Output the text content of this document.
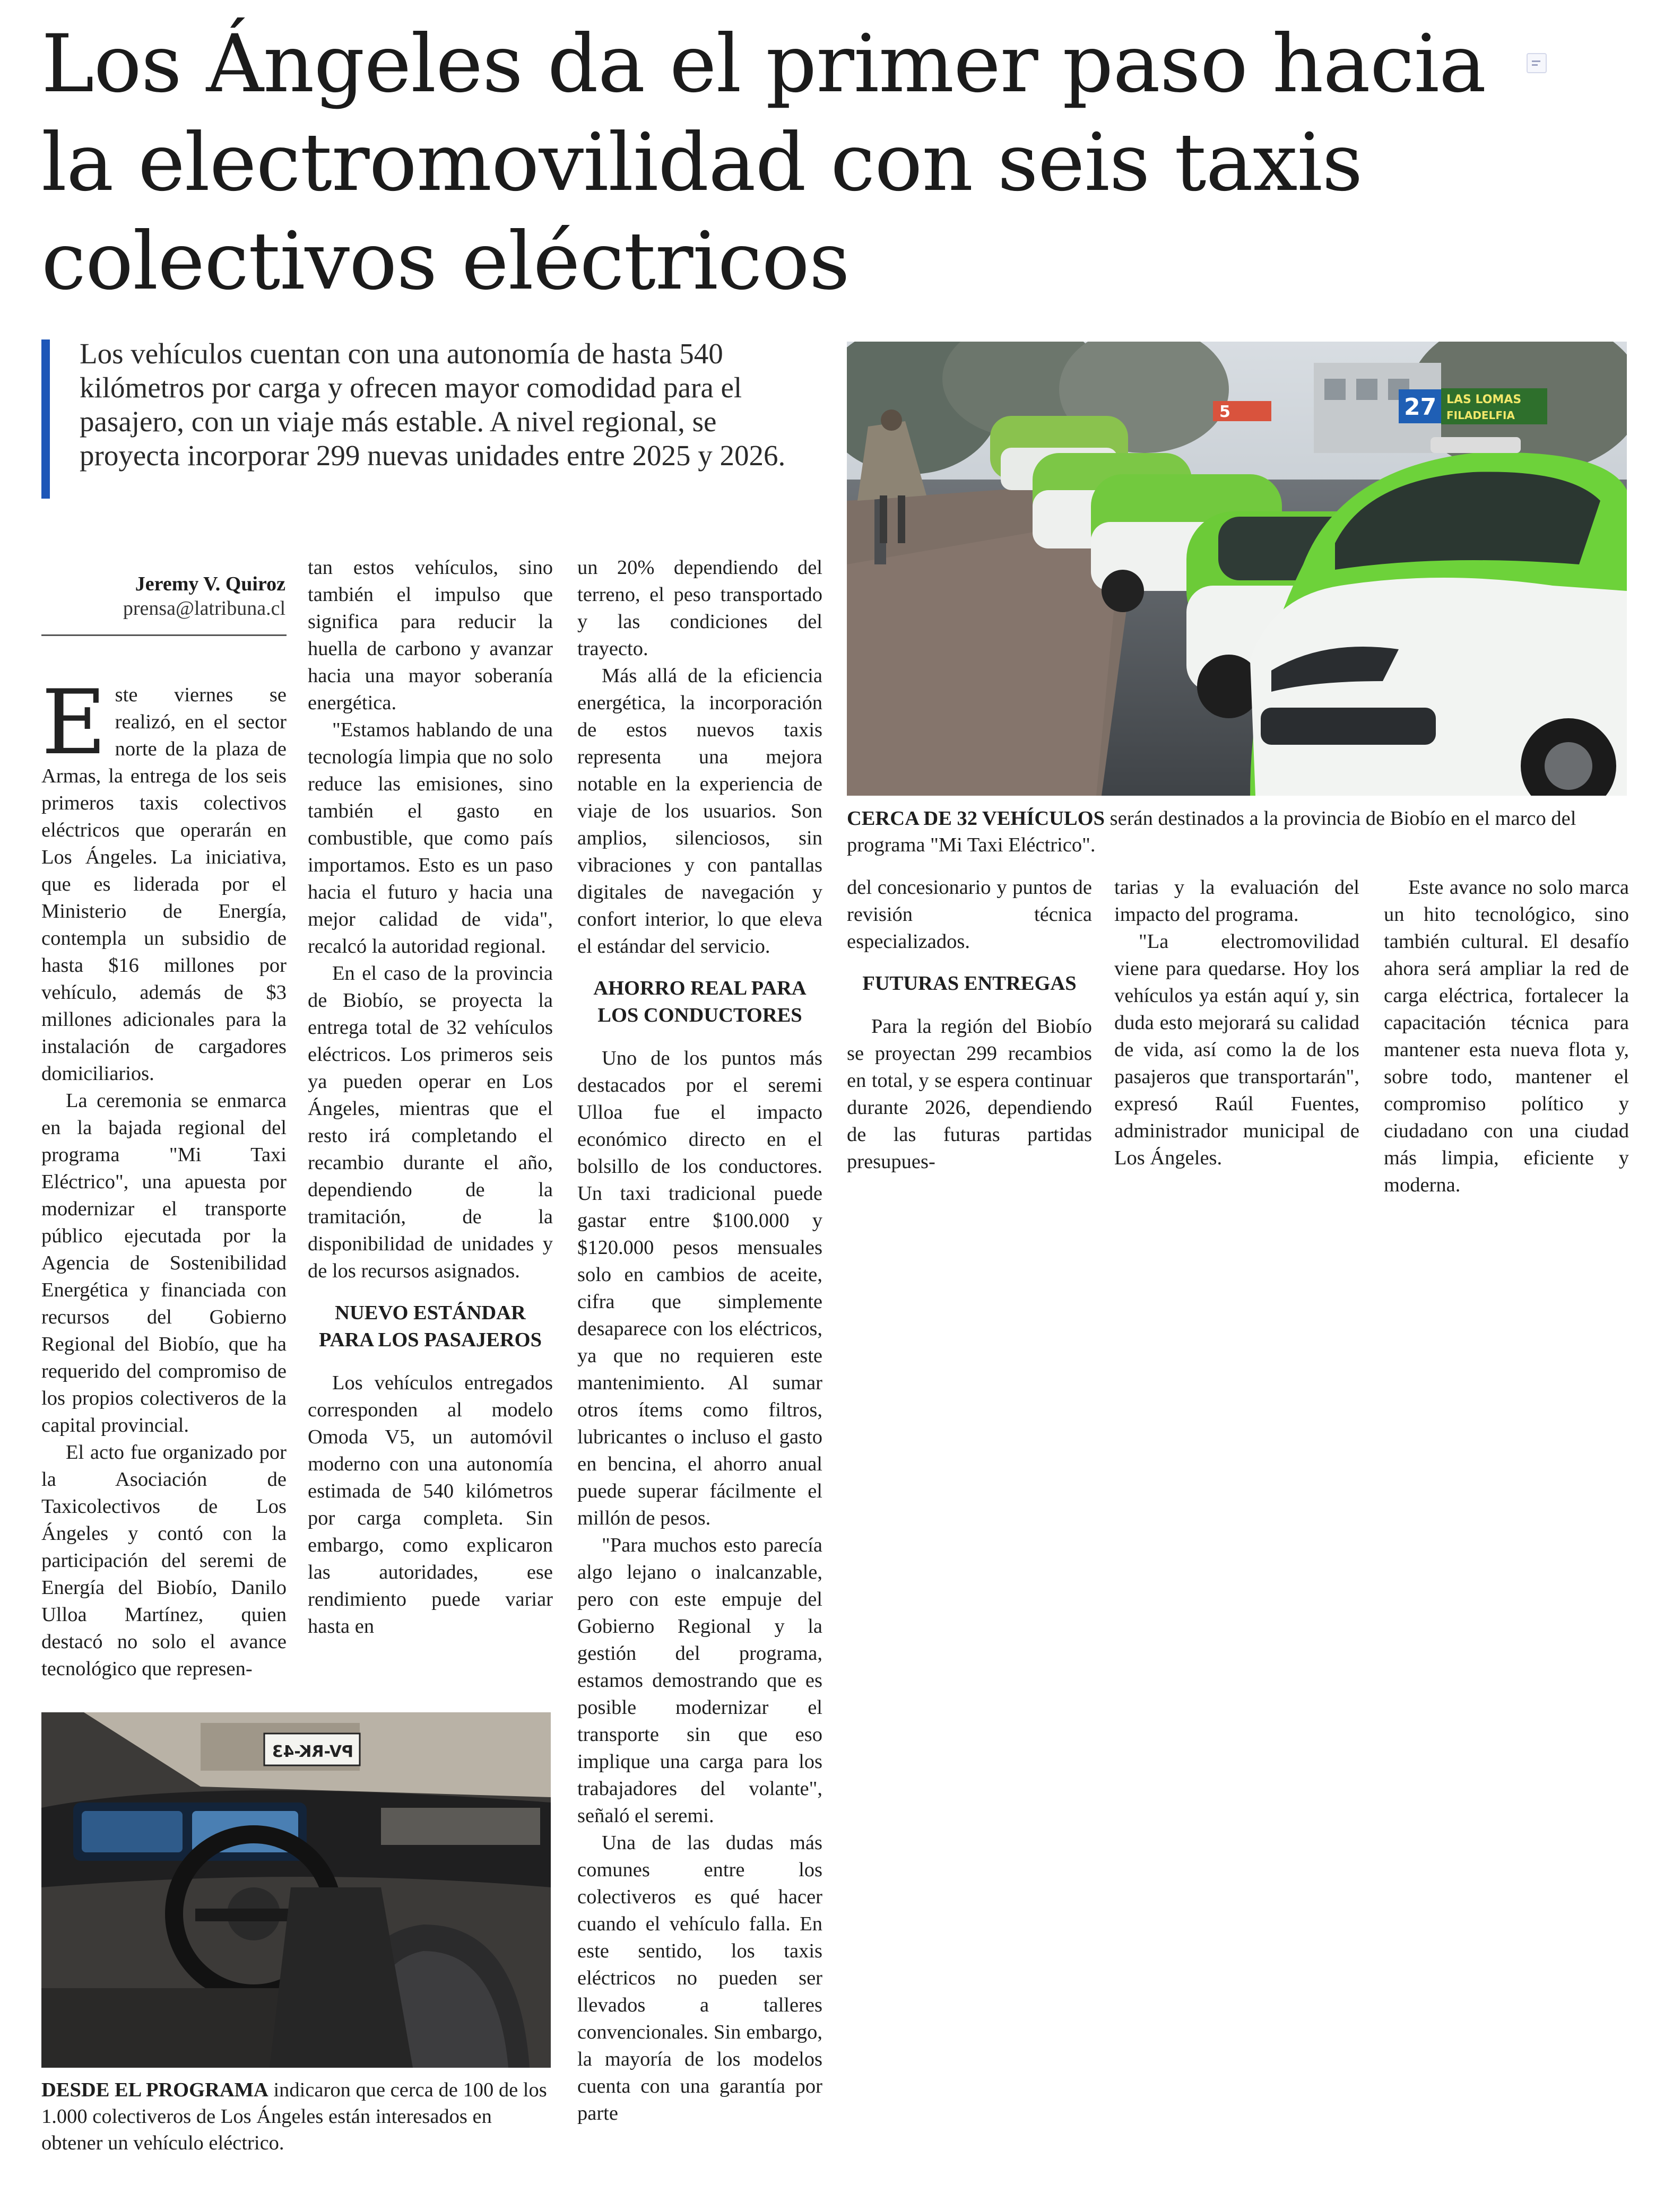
Los Ángeles da el primer paso hacia la electromovilidad con seis taxis colectivos eléctricos

Los vehículos cuentan con una autonomía de hasta 540 kilómetros por carga y ofrecen mayor comodidad para el pasajero, con un viaje más estable. A nivel regional, se proyecta incorporar 299 nuevas unidades entre 2025 y 2026.

5	27 LAS LOMAS
FILADELFIA

CERCA DE 32 VEHÍCULOS serán destinados a la provincia de Biobío en el marco del programa "Mi Taxi Eléctrico".

Jeremy V. Quiroz
prensa@latribuna.cl

Este viernes se realizó, en el sector norte de la plaza de Armas, la entrega de los seis primeros taxis colectivos eléctricos que operarán en Los Ángeles. La iniciativa, que es liderada por el Ministerio de Energía, contempla un subsidio de hasta $16 millones por vehículo, además de $3 millones adicionales para la instalación de cargadores domiciliarios.

La ceremonia se enmarca en la bajada regional del programa "Mi Taxi Eléctrico", una apuesta por modernizar el transporte público ejecutada por la Agencia de Sostenibilidad Energética y financiada con recursos del Gobierno Regional del Biobío, que ha requerido del compromiso de los propios colectiveros de la capital provincial.

El acto fue organizado por la Asociación de Taxicolectivos de Los Ángeles y contó con la participación del seremi de Energía del Biobío, Danilo Ulloa Martínez, quien destacó no solo el avance tecnológico que represen-

tan estos vehículos, sino también el impulso que significa para reducir la huella de carbono y avanzar hacia una mayor soberanía energética.

"Estamos hablando de una tecnología limpia que no solo reduce las emisiones, sino también el gasto en combustible, que como país importamos. Esto es un paso hacia el futuro y hacia una mejor calidad de vida", recalcó la autoridad regional.

En el caso de la provincia de Biobío, se proyecta la entrega total de 32 vehículos eléctricos. Los primeros seis ya pueden operar en Los Ángeles, mientras que el resto irá completando el recambio durante el año, dependiendo de la tramitación, de la disponibilidad de unidades y de los recursos asignados.

NUEVO ESTÁNDAR PARA LOS PASAJEROS

Los vehículos entregados corresponden al modelo Omoda V5, un automóvil moderno con una autonomía estimada de 540 kilómetros por carga completa. Sin embargo, como explicaron las autoridades, ese rendimiento puede variar hasta en

un 20% dependiendo del terreno, el peso transportado y las condiciones del trayecto.

Más allá de la eficiencia energética, la incorporación de estos nuevos taxis representa una mejora notable en la experiencia de viaje de los usuarios. Son amplios, silenciosos, sin vibraciones y con pantallas digitales de navegación y confort interior, lo que eleva el estándar del servicio.

AHORRO REAL PARA LOS CONDUCTORES

Uno de los puntos más destacados por el seremi Ulloa fue el impacto económico directo en el bolsillo de los conductores. Un taxi tradicional puede gastar entre $100.000 y $120.000 pesos mensuales solo en cambios de aceite, cifra que simplemente desaparece con los eléctricos, ya que no requieren este mantenimiento. Al sumar otros ítems como filtros, lubricantes o incluso el gasto en bencina, el ahorro anual puede superar fácilmente el millón de pesos.

"Para muchos esto parecía algo lejano o inalcanzable, pero con este empuje del Gobierno Regional y la gestión del programa, estamos demostrando que es posible modernizar el transporte sin que eso implique una carga para los trabajadores del volante", señaló el seremi.

Una de las dudas más comunes entre los colectiveros es qué hacer cuando el vehículo falla. En este sentido, los taxis eléctricos no pueden ser llevados a talleres convencionales. Sin embargo, la mayoría de los modelos cuenta con una garantía por parte

del concesionario y puntos de revisión técnica especializados.

FUTURAS ENTREGAS

Para la región del Biobío se proyectan 299 recambios en total, y se espera continuar durante 2026, dependiendo de las futuras partidas presupues-

tarias y la evaluación del impacto del programa.

"La electromovilidad viene para quedarse. Hoy los vehículos ya están aquí y, sin duda esto mejorará su calidad de vida, así como la de los pasajeros que transportarán", expresó Raúl Fuentes, administrador municipal de Los Ángeles.

Este avance no solo marca un hito tecnológico, sino también cultural. El desafío ahora será ampliar la red de carga eléctrica, fortalecer la capacitación técnica para mantener esta nueva flota y, sobre todo, mantener el compromiso político y ciudadano con una ciudad más limpia, eficiente y moderna.

PV-RK-43

DESDE EL PROGRAMA indicaron que cerca de 100 de los 1.000 colectiveros de Los Ángeles están interesados en obtener un vehículo eléctrico.
